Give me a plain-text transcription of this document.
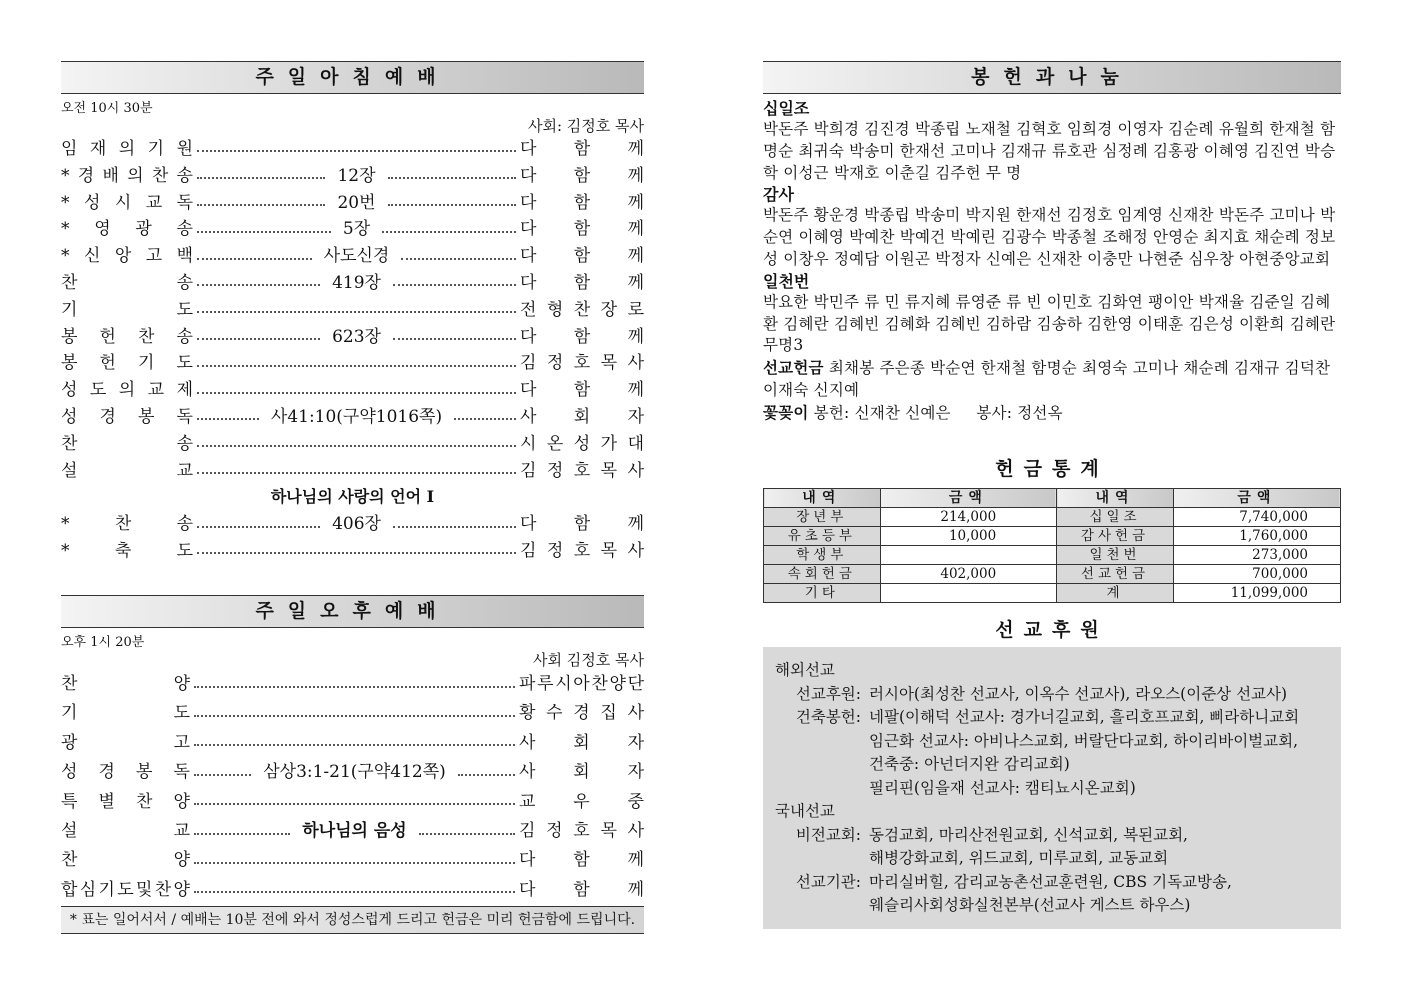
주일아침예배
오전 10시 30분
사회: 김정호 목사
임 재 의 기 원	다 함 께
* 경 배 의 찬 송	12장	다 함 께
* 성 시 교 독	20번	다 함 께
* 영 광 송	5장	다 함 께
* 신 앙 고 백	사도신경	다 함 께
찬	송	419장	다 함 께
기	도	전 형 찬 장 로
봉 헌 찬 송	623장	다 함 께
봉 헌 기 도	김 정 호 목 사
성 도 의 교 제	다 함 께
성 경 봉 독	사41:10(구약1016쪽)	사 회 자
찬	송	시 온 성 가 대
설	교	김 정 호 목 사
하나님의 사랑의 언어 I
*	찬	송	406장	다 함 께
*	축	도	김 정 호 목 사
주일오후예배
오후 1시 20분
사회 김정호 목사
찬	양	파 루 시 아 찬 양 단
기	도	황 수 경 집 사
광	고	사 회 자
성 경 봉 독	삼상3:1-21(구약412쪽)	사 회 자
특 별 찬 양	교 우 중
설	교	하나님의 음성	김 정 호 목 사
찬	양	다 함 께
합 심 기 도 및 찬 양	다 함 께
* 표는 일어서서 / 예배는 10분 전에 와서 정성스럽게 드리고 헌금은 미리 헌금함에 드립니다.
봉헌과나눔
십일조
박돈주 박희경 김진경 박종립 노재철 김혁호 임희경 이영자 김순례 유월희 한재철 함명순 최귀숙 박송미 한재선 고미나 김재규 류호관 심정례 김홍광 이혜영 김진연 박승학 이성근 박재호 이춘길 김주헌 무 명
감사
박돈주 황운경 박종립 박송미 박지원 한재선 김정호 임계영 신재찬 박돈주 고미나 박순연 이혜영 박예찬 박예건 박예린 김광수 박종철 조해정 안영순 최지효 채순례 정보성 이창우 정예담 이원곤 박정자 신예은 신재찬 이충만 나현준 심우창 아현중앙교회
일천번
박요한 박민주 류 민 류지혜 류영준 류 빈 이민호 김화연 팽이안 박재율 김준일 김혜환 김혜란 김혜빈 김혜화 김혜빈 김하람 김송하 김한영 이태훈 김은성 이환희 김혜란 무명3
선교헌금 최채봉 주은종 박순연 한재철 함명순 최영숙 고미나 채순례 김재규 김덕찬 이재숙 신지예
꽃꽂이 봉헌: 신재찬 신예은     봉사: 정선옥
헌금통계
내역	금액	내역	금액
장년부	214,000	십일조	7,740,000
유초등부	10,000	감사헌금	1,760,000
학생부		일천번	273,000
속회헌금	402,000	선교헌금	700,000
기타		계	11,099,000
선교후원
해외선교
선교후원: 러시아(최성찬 선교사, 이옥수 선교사), 라오스(이준상 선교사)
건축봉헌: 네팔(이해덕 선교사: 경가너길교회, 흘리호프교회, 삐라하니교회
임근화 선교사: 아비나스교회, 버랄단다교회, 하이리바이벌교회,
건축중: 아넌더지완 감리교회)
필리핀(임을재 선교사: 캠티뇨시온교회)
국내선교
비전교회: 동검교회, 마리산전원교회, 신석교회, 복된교회,
해병강화교회, 위드교회, 미루교회, 교동교회
선교기관: 마리실버힐, 감리교농촌선교훈련원, CBS 기독교방송,
웨슬리사회성화실천본부(선교사 게스트 하우스)
